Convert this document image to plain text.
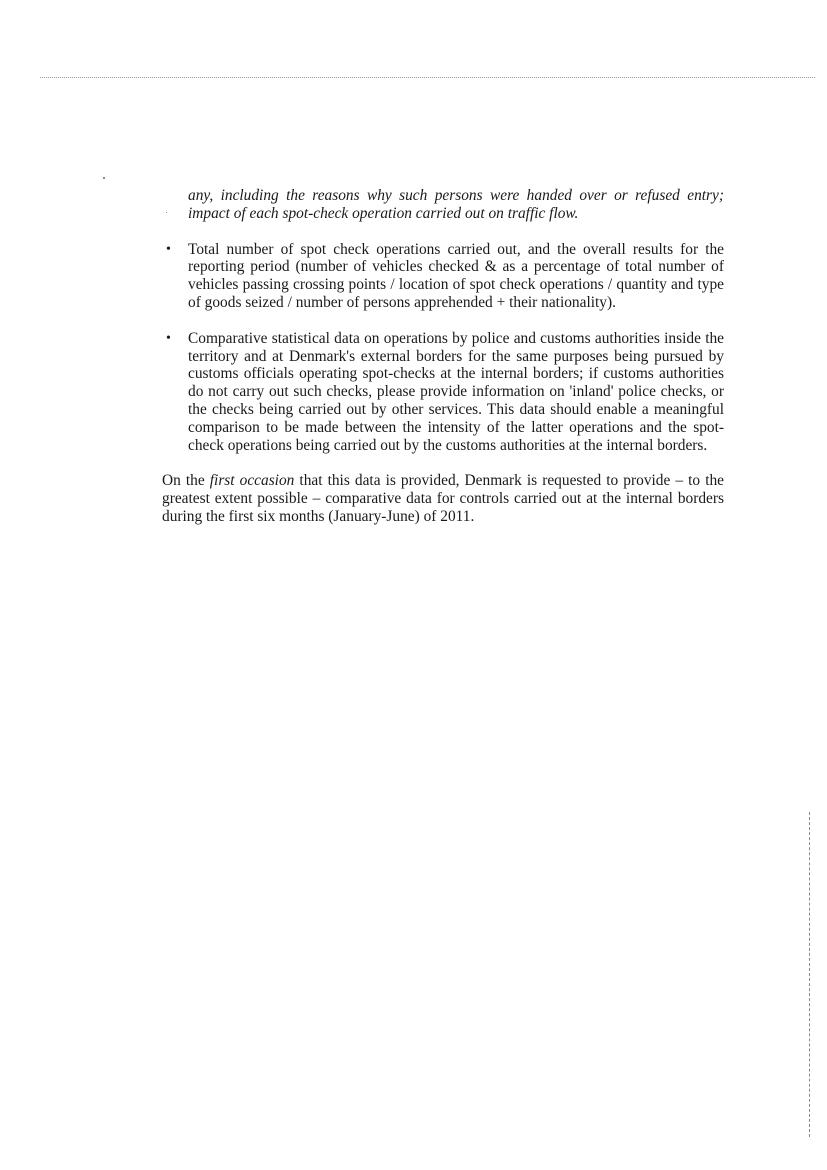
any, including the reasons why such persons were handed over or refused entry; impact of each spot-check operation carried out on traffic flow.
• Total number of spot check operations carried out, and the overall results for the reporting period (number of vehicles checked & as a percentage of total number of vehicles passing crossing points / location of spot check operations / quantity and type of goods seized / number of persons apprehended + their nationality).
• Comparative statistical data on operations by police and customs authorities inside the territory and at Denmark's external borders for the same purposes being pursued by customs officials operating spot-checks at the internal borders; if customs authorities do not carry out such checks, please provide information on 'inland' police checks, or the checks being carried out by other services. This data should enable a meaningful comparison to be made between the intensity of the latter operations and the spot-check operations being carried out by the customs authorities at the internal borders.
On the first occasion that this data is provided, Denmark is requested to provide – to the greatest extent possible – comparative data for controls carried out at the internal borders during the first six months (January-June) of 2011.
